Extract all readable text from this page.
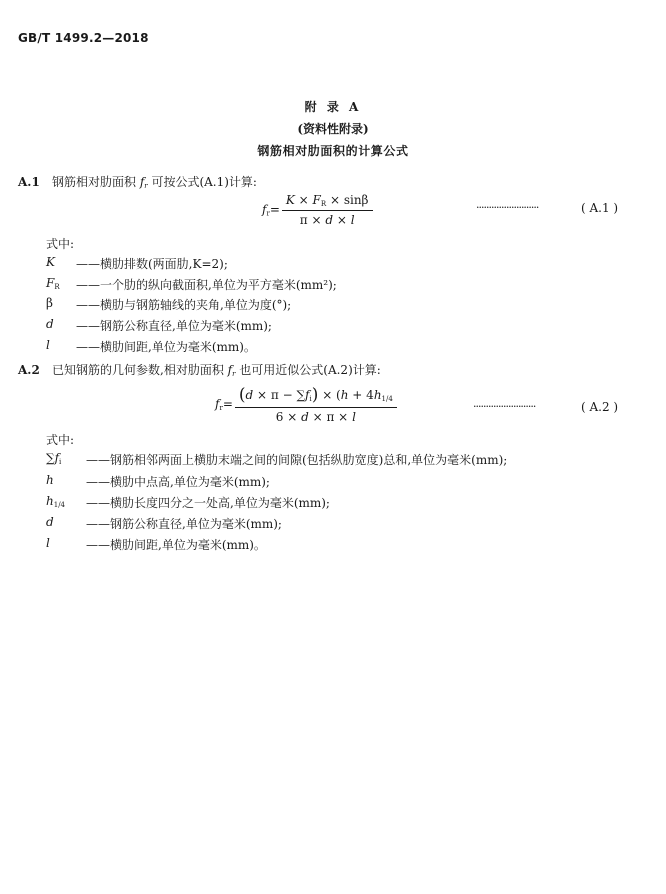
GB/T 1499.2—2018
附 录 A
(资料性附录)
钢筋相对肋面积的计算公式
A.1 钢筋相对肋面积 $f_r$ 可按公式(A.1)计算:
$f_r= \frac{K \times F_R \times \sin\beta}{\pi \times d \times l}$	·························	( A.1 )
式中:
K ——横肋排数(两面肋,K=2);
$F_R$ ——一个肋的纵向截面积,单位为平方毫米(mm²);
β ——横肋与钢筋轴线的夹角,单位为度(°);
d ——钢筋公称直径,单位为毫米(mm);
l ——横肋间距,单位为毫米(mm)。
A.2 已知钢筋的几何参数,相对肋面积 $f_r$ 也可用近似公式(A.2)计算:
$f_r= \frac{(d \times \pi - \sum f_i) \times (h + 4h_{1/4}}{6 \times d \times \pi \times l}$	·························	( A.2 )
式中:
$\sum f_i$ ——钢筋相邻两面上横肋末端之间的间隙(包括纵肋宽度)总和,单位为毫米(mm);
h	——横肋中点高,单位为毫米(mm);
$h_{1/4}$ ——横肋长度四分之一处高,单位为毫米(mm);
d	——钢筋公称直径,单位为毫米(mm);
l	——横肋间距,单位为毫米(mm)。
